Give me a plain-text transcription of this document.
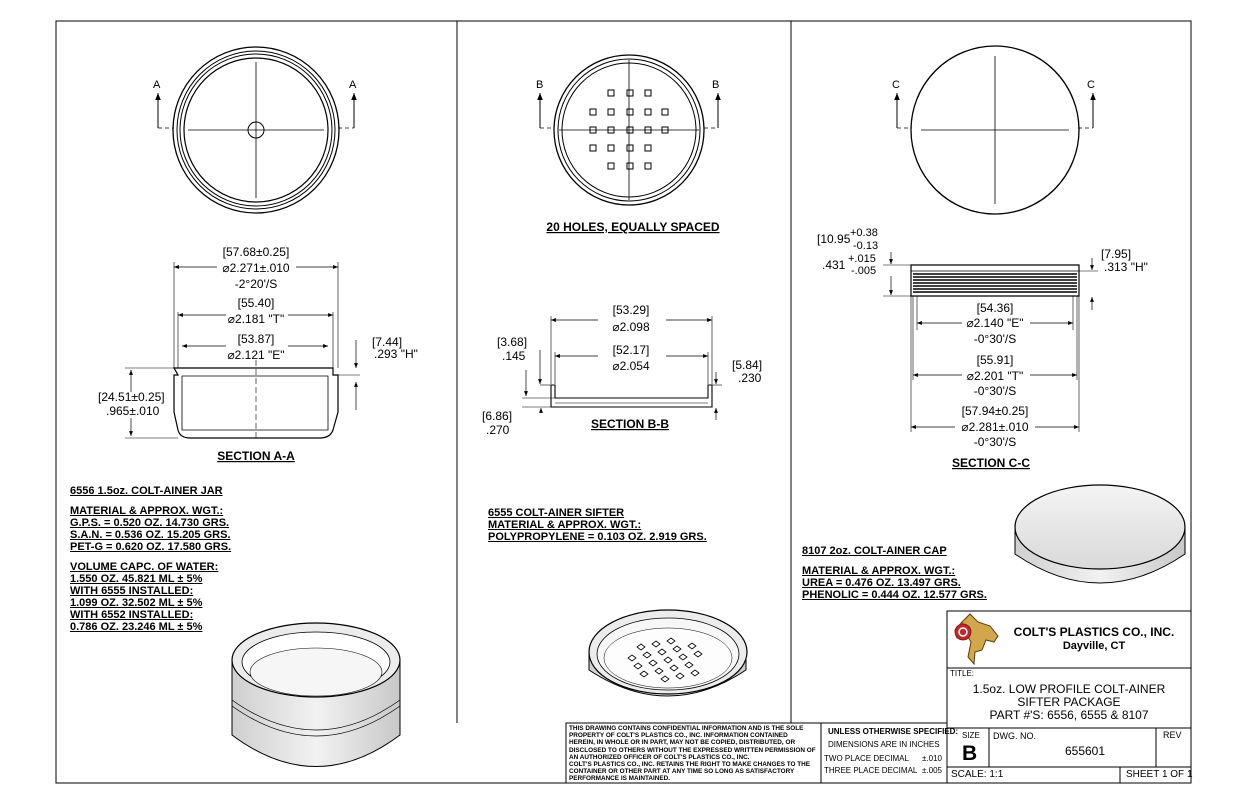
A	A
[57.68±0.25]
⌀2.271±.010
-2°20'/S
[55.40]
⌀2.181 "T"
[53.87]
⌀2.121 "E"
[7.44]
.293 "H"
[24.51±0.25]
.965±.010
SECTION A-A
B	B
20 HOLES, EQUALLY SPACED
[53.29]
⌀2.098
[52.17]
⌀2.054
[3.68]
.145
[5.84]
.230
[6.86]
.270	SECTION B-B
C	C
[10.95 +0.38 -0.13
.431 +.015 -.005
[7.95]
.313 "H"
[54.36]
⌀2.140 "E"
-0°30'/S
[55.91]
⌀2.201 "T"
-0°30'/S
[57.94±0.25]
⌀2.281±.010
-0°30'/S
SECTION C-C
6556 1.5oz. COLT-AINER JAR
MATERIAL & APPROX. WGT.:
G.P.S. = 0.520 OZ. 14.730 GRS.
S.A.N. = 0.536 OZ. 15.205 GRS.
PET-G = 0.620 OZ. 17.580 GRS.
VOLUME CAPC. OF WATER:
1.550 OZ. 45.821 ML ± 5%
WITH 6555 INSTALLED:
1.099 OZ. 32.502 ML ± 5%
WITH 6552 INSTALLED:
0.786 OZ. 23.246 ML ± 5%
6555 COLT-AINER SIFTER
MATERIAL & APPROX. WGT.:
POLYPROPYLENE = 0.103 OZ. 2.919 GRS.
8107 2oz. COLT-AINER CAP
MATERIAL & APPROX. WGT.:
UREA = 0.476 OZ. 13.497 GRS.
PHENOLIC = 0.444 OZ. 12.577 GRS.
THIS DRAWING CONTAINS CONFIDENTIAL INFORMATION AND IS THE SOLE
PROPERTY OF COLT'S PLASTICS CO., INC. INFORMATION CONTAINED
HEREIN, IN WHOLE OR IN PART, MAY NOT BE COPIED, DISTRIBUTED, OR
DISCLOSED TO OTHERS WITHOUT THE EXPRESSED WRITTEN PERMISSION OF
AN AUTHORIZED OFFICER OF COLT'S PLASTICS CO., INC.
COLT'S PLASTICS CO., INC. RETAINS THE RIGHT TO MAKE CHANGES TO THE
CONTAINER OR OTHER PART AT ANY TIME SO LONG AS SATISFACTORY
PERFORMANCE IS MAINTAINED.
UNLESS OTHERWISE SPECIFIED:
DIMENSIONS ARE IN INCHES
TWO PLACE DECIMAL ±.010
THREE PLACE DECIMAL ±.005
COLT'S PLASTICS CO., INC.
Dayville, CT
TITLE:
1.5oz. LOW PROFILE COLT-AINER
SIFTER PACKAGE
PART #'S: 6556, 6555 & 8107
SIZE
B
DWG. NO.
655601
REV
SCALE: 1:1	SHEET 1 OF 1
